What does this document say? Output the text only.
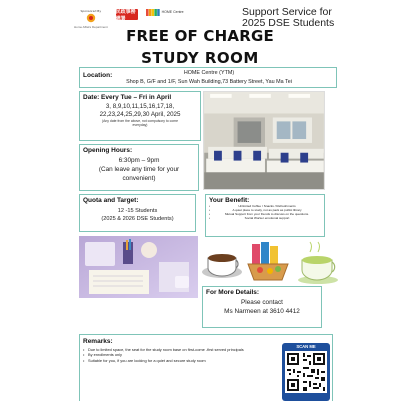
Sponsored By
Home Affairs Department
民政事務總署
HOME Centre	Support Service for
2025 DSE Students
FREE OF CHARGE
STUDY ROOM
Location:	HOME Centre (YTM)
Shop B, G/F and 1/F, Sun Wah Building,73 Battery Street, Yau Ma Tei
Date: Every Tue – Fri in April
3, 8,9,10,11,15,16,17,18,
22,23,24,25,29,30 April, 2025
(Any date from the above, not compulsory to come
everyday)
Opening Hours:
6:30pm – 9pm
(Can leave any time for your
convenient)
Quota and Target:
12 -15 Students
(2025 & 2026 DSE Students)
Your Benefit:
• Unlimited Coffee / Snacks / Refreshments
• A quiet place to study, not as pack as public library
• Mutual Support from your friends to discuss on the questions.
• Social Worker emotional support
For More Details:
Please contact
Ms Narmeen at 3610 4412
Remarks:
• Due to limited space, the seat for the study room base on first-come -first served principals
• By enrollments only
• Suitable for you, if you are looking for a quiet and secure study room
SCAN ME
